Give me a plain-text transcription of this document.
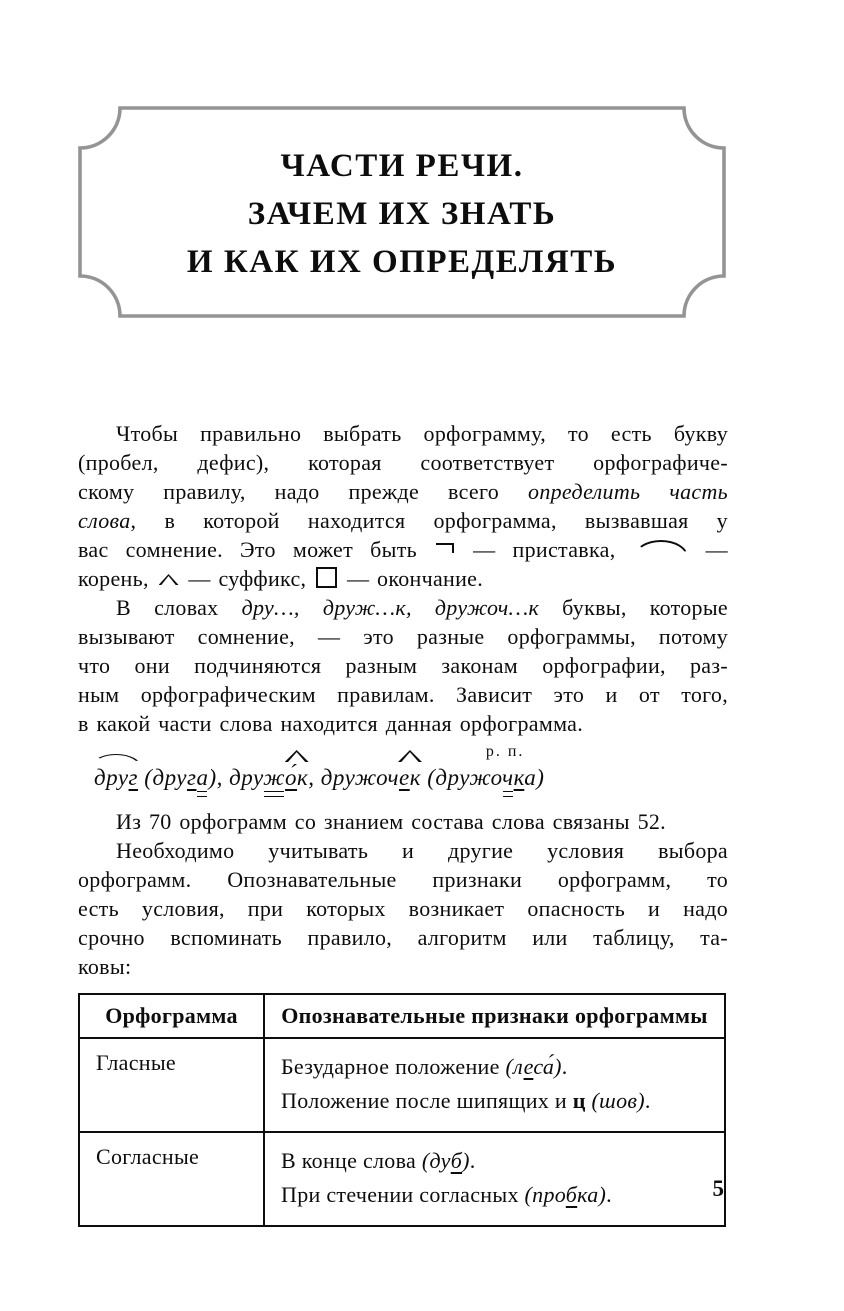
ЧАСТИ РЕЧИ.
ЗАЧЕМ ИХ ЗНАТЬ
И КАК ИХ ОПРЕДЕЛЯТЬ
Чтобы правильно выбрать орфограмму, то есть букву
(пробел, дефис), которая соответствует орфографиче-
скому правилу, надо прежде всего определить часть
слова, в которой находится орфограмма, вызвавшая у
вас сомнение. Это может быть  — приставка,	—
корень,  — суффикс,  — окончание.
В словах дру…, друж…к, дружоч…к буквы, которые
вызывают сомнение, — это разные орфограммы, потому
что они подчиняются разным законам орфографии, раз-
ным орфографическим правилам. Зависит это и от того,
в какой части слова находится данная орфограмма.
друг (друга), дружо́к, дружочек (дружочка)
р. п.
Из 70 орфограмм со знанием состава слова связаны 52.
Необходимо учитывать и другие условия выбора
орфограмм. Опознавательные признаки орфограмм, то
есть условия, при которых возникает опасность и надо
срочно вспоминать правило, алгоритм или таблицу, та-
ковы:
Орфограмма	Опознавательные признаки орфограммы
Гласные	Безударное положение (леса́).
Положение после шипящих и ц (шов).

Согласные	В конце слова (дуб).
При стечении согласных (пробка).	5
